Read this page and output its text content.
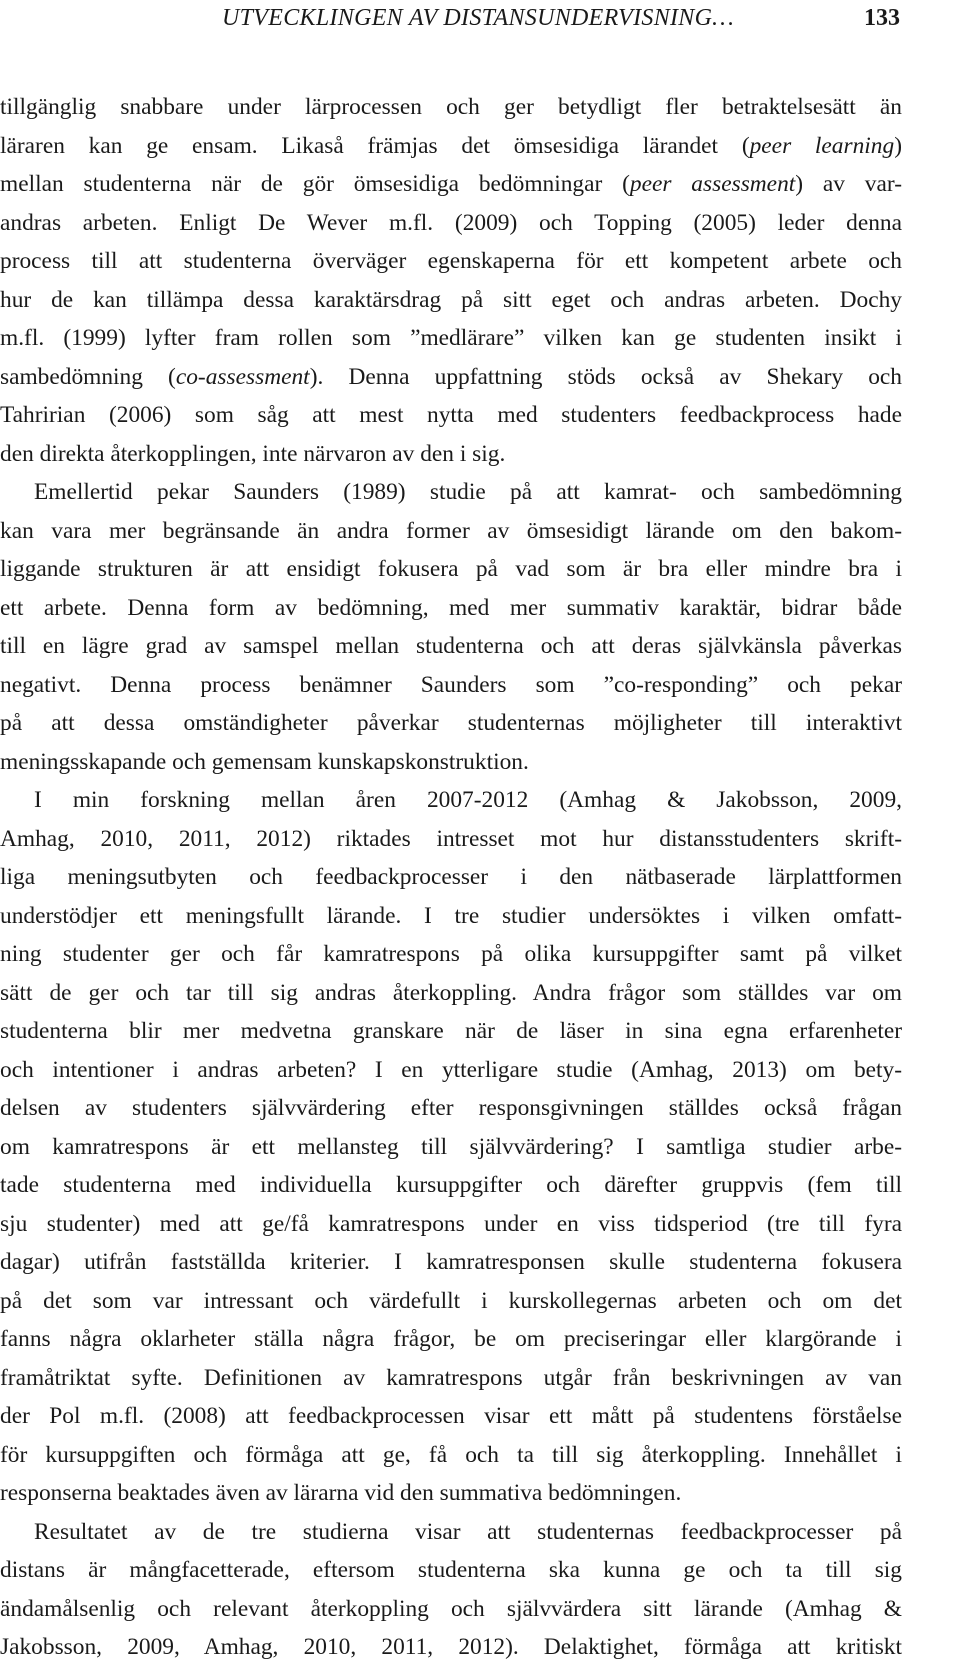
UTVECKLINGEN AV DISTANSUNDERVISNING…	133
tillgänglig snabbare under lärprocessen och ger betydligt fler betraktelsesätt än
läraren kan ge ensam. Likaså främjas det ömsesidiga lärandet (peer learning)
mellan studenterna när de gör ömsesidiga bedömningar (peer assessment) av var-
andras arbeten. Enligt De Wever m.fl. (2009) och Topping (2005) leder denna
process till att studenterna överväger egenskaperna för ett kompetent arbete och
hur de kan tillämpa dessa karaktärsdrag på sitt eget och andras arbeten. Dochy
m.fl. (1999) lyfter fram rollen som ”medlärare” vilken kan ge studenten insikt i
sambedömning (co-assessment). Denna uppfattning stöds också av Shekary och
Tahririan (2006) som såg att mest nytta med studenters feedbackprocess hade
den direkta återkopplingen, inte närvaron av den i sig.
Emellertid pekar Saunders (1989) studie på att kamrat- och sambedömning
kan vara mer begränsande än andra former av ömsesidigt lärande om den bakom-
liggande strukturen är att ensidigt fokusera på vad som är bra eller mindre bra i
ett arbete. Denna form av bedömning, med mer summativ karaktär, bidrar både
till en lägre grad av samspel mellan studenterna och att deras självkänsla påverkas
negativt. Denna process benämner Saunders som ”co-responding” och pekar
på att dessa omständigheter påverkar studenternas möjligheter till interaktivt
meningsskapande och gemensam kunskapskonstruktion.
I min forskning mellan åren 2007-2012 (Amhag & Jakobsson, 2009,
Amhag, 2010, 2011, 2012) riktades intresset mot hur distansstudenters skrift-
liga meningsutbyten och feedbackprocesser i den nätbaserade lärplattformen
understödjer ett meningsfullt lärande. I tre studier undersöktes i vilken omfatt-
ning studenter ger och får kamratrespons på olika kursuppgifter samt på vilket
sätt de ger och tar till sig andras återkoppling. Andra frågor som ställdes var om
studenterna blir mer medvetna granskare när de läser in sina egna erfarenheter
och intentioner i andras arbeten? I en ytterligare studie (Amhag, 2013) om bety-
delsen av studenters självvärdering efter responsgivningen ställdes också frågan
om kamratrespons är ett mellansteg till självvärdering? I samtliga studier arbe-
tade studenterna med individuella kursuppgifter och därefter gruppvis (fem till
sju studenter) med att ge/få kamratrespons under en viss tidsperiod (tre till fyra
dagar) utifrån fastställda kriterier. I kamratresponsen skulle studenterna fokusera
på det som var intressant och värdefullt i kurskollegernas arbeten och om det
fanns några oklarheter ställa några frågor, be om preciseringar eller klargörande i
framåtriktat syfte. Definitionen av kamratrespons utgår från beskrivningen av van
der Pol m.fl. (2008) att feedbackprocessen visar ett mått på studentens förståelse
för kursuppgiften och förmåga att ge, få och ta till sig återkoppling. Innehållet i
responserna beaktades även av lärarna vid den summativa bedömningen.
Resultatet av de tre studierna visar att studenternas feedbackprocesser på
distans är mångfacetterade, eftersom studenterna ska kunna ge och ta till sig
ändamålsenlig och relevant återkoppling och självvärdera sitt lärande (Amhag &
Jakobsson, 2009, Amhag, 2010, 2011, 2012). Delaktighet, förmåga att kritiskt
